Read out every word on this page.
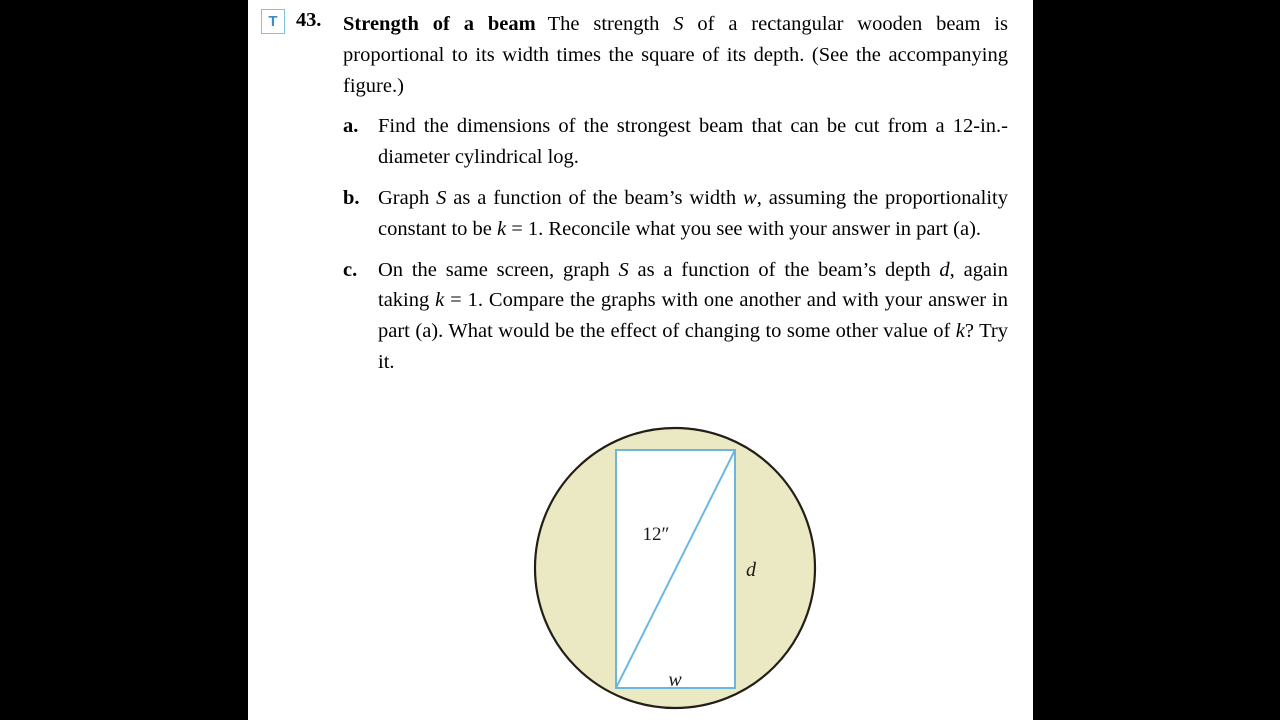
T 43. Strength of a beam The strength S of a rectangular wooden beam is proportional to its width times the square of its depth. (See the accompanying figure.)

a. Find the dimensions of the strongest beam that can be cut from a 12-in.-diameter cylindrical log.
b. Graph S as a function of the beam’s width w, assuming the proportionality constant to be k = 1. Reconcile what you see with your answer in part (a).
c. On the same screen, graph S as a function of the beam’s depth d, again taking k = 1. Compare the graphs with one another and with your answer in part (a). What would be the effect of changing to some other value of k? Try it.
12″
d
w
